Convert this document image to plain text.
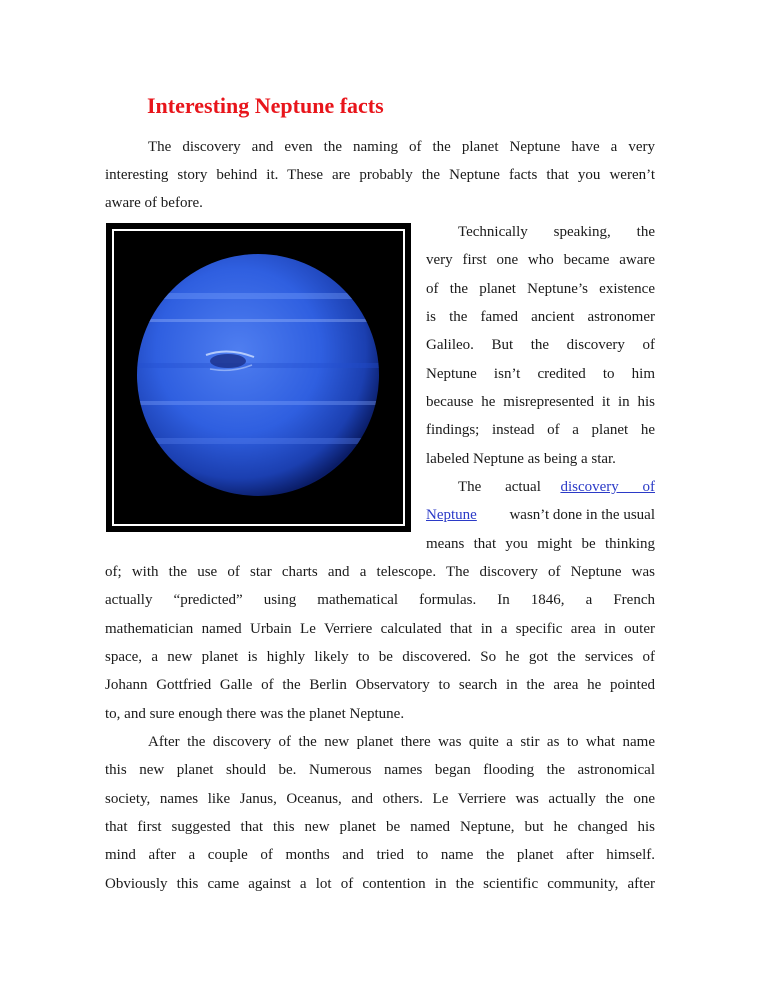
Interesting Neptune facts
The discovery and even the naming of the planet Neptune have a very
interesting story behind it. These are probably the Neptune facts that you weren’t
aware of before.
Technically speaking, the
very first one who became aware
of the planet Neptune’s existence
is the famed ancient astronomer
Galileo. But the discovery of
Neptune isn’t credited to him
because he misrepresented it in his
findings; instead of a planet he
labeled Neptune as being a star.
The actual discovery of
Neptune wasn’t done in the usual
means that you might be thinking
of; with the use of star charts and a telescope. The discovery of Neptune was
actually “predicted” using mathematical formulas. In 1846, a French
mathematician named Urbain Le Verriere calculated that in a specific area in outer
space, a new planet is highly likely to be discovered. So he got the services of
Johann Gottfried Galle of the Berlin Observatory to search in the area he pointed
to, and sure enough there was the planet Neptune.
After the discovery of the new planet there was quite a stir as to what name
this new planet should be. Numerous names began flooding the astronomical
society, names like Janus, Oceanus, and others. Le Verriere was actually the one
that first suggested that this new planet be named Neptune, but he changed his
mind after a couple of months and tried to name the planet after himself.
Obviously this came against a lot of contention in the scientific community, after
